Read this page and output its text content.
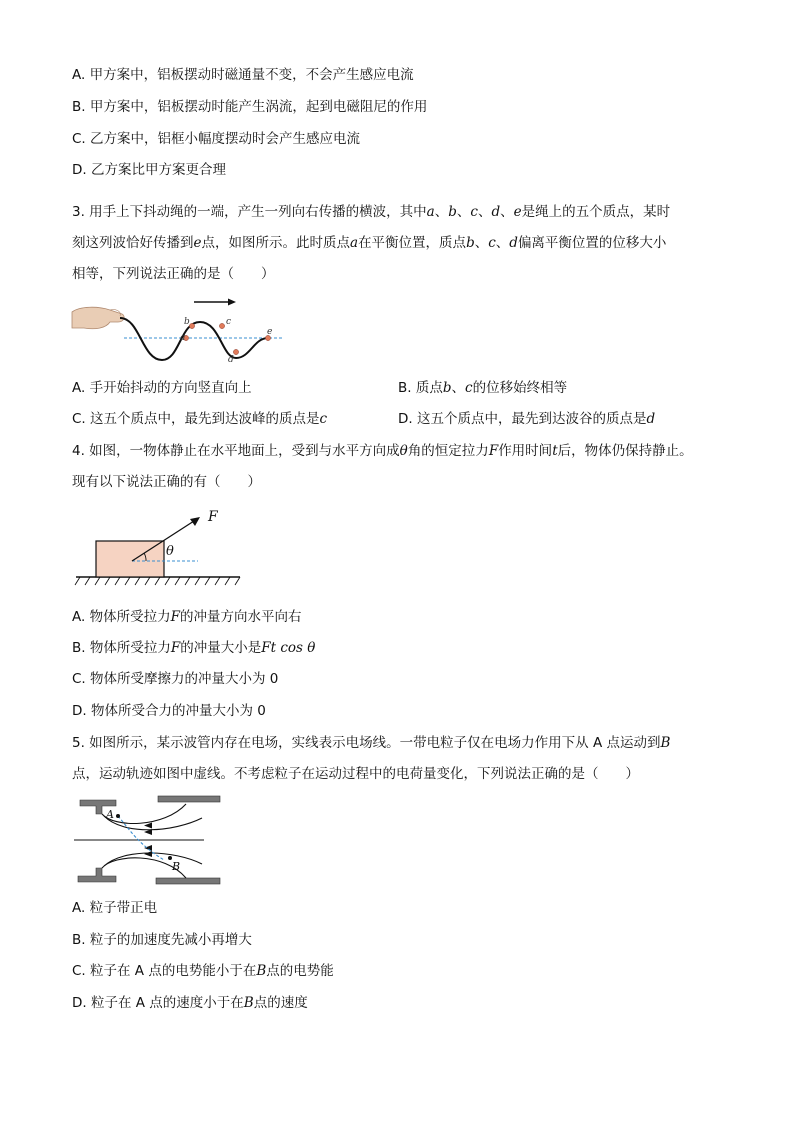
A. 甲方案中，铝板摆动时磁通量不变，不会产生感应电流
B. 甲方案中，铝板摆动时能产生涡流，起到电磁阻尼的作用
C. 乙方案中，铝框小幅度摆动时会产生感应电流
D. 乙方案比甲方案更合理
3. 用手上下抖动绳的一端，产生一列向右传播的横波，其中a、b、c、d、e是绳上的五个质点，某时
刻这列波恰好传播到e点，如图所示。此时质点a在平衡位置，质点b、c、d偏离平衡位置的位移大小
相等，下列说法正确的是（　　）
a
b	c
d
e
A. 手开始抖动的方向竖直向上	B. 质点b、c的位移始终相等
C. 这五个质点中，最先到达波峰的质点是c	D. 这五个质点中，最先到达波谷的质点是d
4. 如图，一物体静止在水平地面上，受到与水平方向成θ角的恒定拉力F作用时间t后，物体仍保持静止。
现有以下说法正确的有（　　）
θ
F
A. 物体所受拉力F的冲量方向水平向右
B. 物体所受拉力F的冲量大小是Ft cos θ
C. 物体所受摩擦力的冲量大小为 0
D. 物体所受合力的冲量大小为 0
5. 如图所示，某示波管内存在电场，实线表示电场线。一带电粒子仅在电场力作用下从 A 点运动到B
点，运动轨迹如图中虚线。不考虑粒子在运动过程中的电荷量变化，下列说法正确的是（　　）
A
B
A. 粒子带正电
B. 粒子的加速度先减小再增大
C. 粒子在 A 点的电势能小于在B点的电势能
D. 粒子在 A 点的速度小于在B点的速度
